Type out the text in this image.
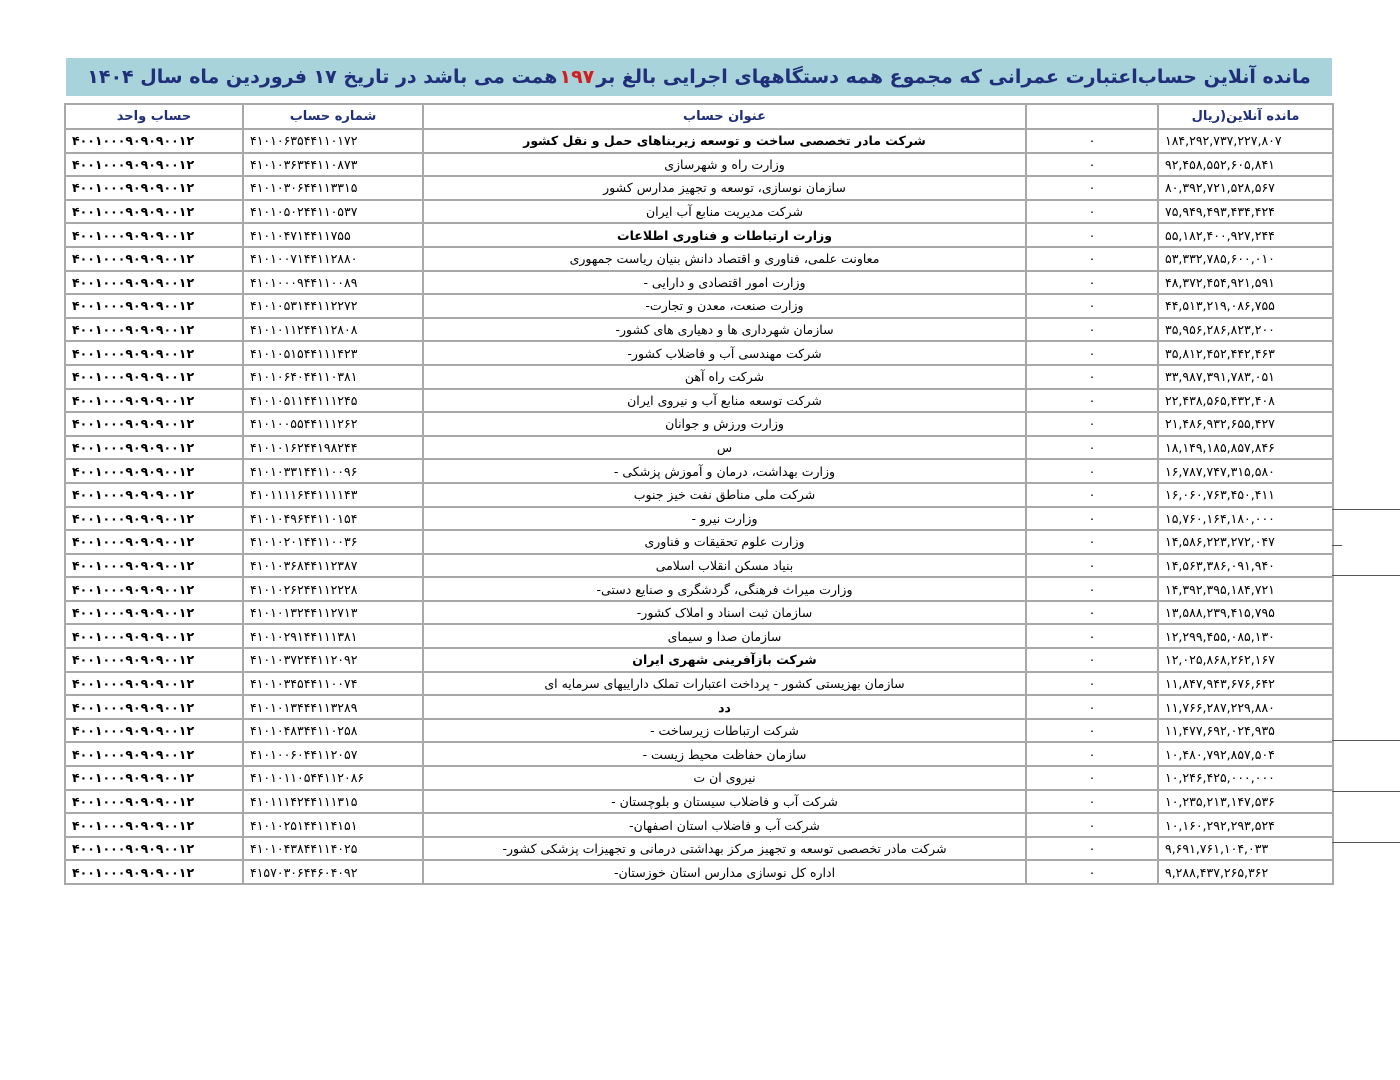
مانده آنلاین حساب‌اعتبارت عمرانی که مجموع همه دستگاههای اجرایی بالغ بر
۱۹۷
همت می باشد در تاریخ ۱۷ فروردین ماه سال ۱۴۰۴
حساب واحد	شماره حساب	عنوان حساب		مانده آنلاین(ریال
۴۰۰۱۰۰۰۹۰۹۰۹۰۰۱۲	۴۱۰۱۰۶۳۵۴۴۱۱۰۱۷۲	شرکت مادر تخصصی ساخت و توسعه زیربناهای حمل و نقل کشور	۰	۱۸۴,۲۹۲,۷۳۷,۲۲۷,۸۰۷
۴۰۰۱۰۰۰۹۰۹۰۹۰۰۱۲	۴۱۰۱۰۳۶۳۴۴۱۱۰۸۷۳	وزارت راه و شهرسازی	۰	۹۲,۴۵۸,۵۵۲,۶۰۵,۸۴۱
۴۰۰۱۰۰۰۹۰۹۰۹۰۰۱۲	۴۱۰۱۰۳۰۶۴۴۱۱۳۳۱۵	سازمان نوسازی، توسعه و تجهیز مدارس کشور	۰	۸۰,۳۹۲,۷۲۱,۵۲۸,۵۶۷
۴۰۰۱۰۰۰۹۰۹۰۹۰۰۱۲	۴۱۰۱۰۵۰۲۴۴۱۱۰۵۳۷	شرکت مدیریت منابع آب ایران	۰	۷۵,۹۴۹,۴۹۳,۴۳۴,۴۲۴
۴۰۰۱۰۰۰۹۰۹۰۹۰۰۱۲	۴۱۰۱۰۴۷۱۴۴۱۱۷۵۵	وزارت ارتباطات و فناوری اطلاعات	۰	۵۵,۱۸۲,۴۰۰,۹۲۷,۲۴۴
۴۰۰۱۰۰۰۹۰۹۰۹۰۰۱۲	۴۱۰۱۰۰۷۱۴۴۱۱۲۸۸۰	معاونت علمی، فناوری و اقتصاد دانش بنیان ریاست جمهوری	۰	۵۳,۳۳۲,۷۸۵,۶۰۰,۰۱۰
۴۰۰۱۰۰۰۹۰۹۰۹۰۰۱۲	۴۱۰۱۰۰۰۹۴۴۱۱۰۰۸۹	وزارت امور اقتصادی و دارایی -	۰	۴۸,۳۷۲,۴۵۴,۹۲۱,۵۹۱
۴۰۰۱۰۰۰۹۰۹۰۹۰۰۱۲	۴۱۰۱۰۵۳۱۴۴۱۱۲۲۷۲	وزارت صنعت، معدن و تجارت-	۰	۴۴,۵۱۳,۲۱۹,۰۸۶,۷۵۵
۴۰۰۱۰۰۰۹۰۹۰۹۰۰۱۲	۴۱۰۱۰۱۱۲۴۴۱۱۲۸۰۸	سازمان شهرداری ها و دهیاری های کشور-	۰	۳۵,۹۵۶,۲۸۶,۸۲۳,۲۰۰
۴۰۰۱۰۰۰۹۰۹۰۹۰۰۱۲	۴۱۰۱۰۵۱۵۴۴۱۱۱۴۲۳	شرکت مهندسی آب و فاضلاب کشور-	۰	۳۵,۸۱۲,۴۵۲,۴۴۲,۴۶۳
۴۰۰۱۰۰۰۹۰۹۰۹۰۰۱۲	۴۱۰۱۰۶۴۰۴۴۱۱۰۳۸۱	شرکت راه آهن	۰	۳۳,۹۸۷,۳۹۱,۷۸۳,۰۵۱
۴۰۰۱۰۰۰۹۰۹۰۹۰۰۱۲	۴۱۰۱۰۵۱۱۴۴۱۱۱۲۴۵	شرکت توسعه منابع آب و نیروی ایران	۰	۲۲,۴۳۸,۵۶۵,۴۳۲,۴۰۸
۴۰۰۱۰۰۰۹۰۹۰۹۰۰۱۲	۴۱۰۱۰۰۵۵۴۴۱۱۱۲۶۲	وزارت ورزش و جوانان	۰	۲۱,۴۸۶,۹۳۲,۶۵۵,۴۲۷
۴۰۰۱۰۰۰۹۰۹۰۹۰۰۱۲	۴۱۰۱۰۱۶۲۴۴۱۹۸۲۴۴	س	۰	۱۸,۱۴۹,۱۸۵,۸۵۷,۸۴۶
۴۰۰۱۰۰۰۹۰۹۰۹۰۰۱۲	۴۱۰۱۰۳۳۱۴۴۱۱۰۰۹۶	وزارت بهداشت، درمان و آموزش پزشکی -	۰	۱۶,۷۸۷,۷۴۷,۳۱۵,۵۸۰
۴۰۰۱۰۰۰۹۰۹۰۹۰۰۱۲	۴۱۰۱۱۱۱۶۴۴۱۱۱۱۴۳	شرکت ملی مناطق نفت خیز جنوب	۰	۱۶,۰۶۰,۷۶۳,۴۵۰,۴۱۱
۴۰۰۱۰۰۰۹۰۹۰۹۰۰۱۲	۴۱۰۱۰۴۹۶۴۴۱۱۰۱۵۴	وزارت نیرو -	۰	۱۵,۷۶۰,۱۶۴,۱۸۰,۰۰۰
۴۰۰۱۰۰۰۹۰۹۰۹۰۰۱۲	۴۱۰۱۰۲۰۱۴۴۱۱۰۰۳۶	وزارت علوم تحقیقات و فناوری	۰	۱۴,۵۸۶,۲۲۳,۲۷۲,۰۴۷
۴۰۰۱۰۰۰۹۰۹۰۹۰۰۱۲	۴۱۰۱۰۳۶۸۴۴۱۱۲۳۸۷	بنیاد مسکن انقلاب اسلامی	۰	۱۴,۵۶۳,۳۸۶,۰۹۱,۹۴۰
۴۰۰۱۰۰۰۹۰۹۰۹۰۰۱۲	۴۱۰۱۰۲۶۲۴۴۱۱۲۲۲۸	وزارت میراث فرهنگی، گردشگری و صنایع دستی-	۰	۱۴,۳۹۲,۳۹۵,۱۸۴,۷۲۱
۴۰۰۱۰۰۰۹۰۹۰۹۰۰۱۲	۴۱۰۱۰۱۳۲۴۴۱۱۲۷۱۳	سازمان ثبت اسناد و املاک کشور-	۰	۱۳,۵۸۸,۲۳۹,۴۱۵,۷۹۵
۴۰۰۱۰۰۰۹۰۹۰۹۰۰۱۲	۴۱۰۱۰۲۹۱۴۴۱۱۱۳۸۱	سازمان صدا و سیمای	۰	۱۲,۲۹۹,۴۵۵,۰۸۵,۱۳۰
۴۰۰۱۰۰۰۹۰۹۰۹۰۰۱۲	۴۱۰۱۰۳۷۲۴۴۱۱۲۰۹۲	شرکت بازآفرینی شهری ایران	۰	۱۲,۰۲۵,۸۶۸,۲۶۲,۱۶۷
۴۰۰۱۰۰۰۹۰۹۰۹۰۰۱۲	۴۱۰۱۰۳۴۵۴۴۱۱۰۰۷۴	سازمان بهزیستی کشور - پرداخت اعتبارات تملک داراییهای سرمایه ای	۰	۱۱,۸۴۷,۹۴۳,۶۷۶,۶۴۲
۴۰۰۱۰۰۰۹۰۹۰۹۰۰۱۲	۴۱۰۱۰۱۳۴۴۴۱۱۳۲۸۹	دد	۰	۱۱,۷۶۶,۲۸۷,۲۲۹,۸۸۰
۴۰۰۱۰۰۰۹۰۹۰۹۰۰۱۲	۴۱۰۱۰۴۸۳۴۴۱۱۰۲۵۸	شرکت ارتباطات زیرساخت -	۰	۱۱,۴۷۷,۶۹۲,۰۲۴,۹۳۵
۴۰۰۱۰۰۰۹۰۹۰۹۰۰۱۲	۴۱۰۱۰۰۶۰۴۴۱۱۲۰۵۷	سازمان حفاظت محیط زیست -	۰	۱۰,۴۸۰,۷۹۲,۸۵۷,۵۰۴
۴۰۰۱۰۰۰۹۰۹۰۹۰۰۱۲	۴۱۰۱۰۱۱۰۵۴۴۱۱۲۰۸۶	نیروی ان ت	۰	۱۰,۲۴۶,۴۲۵,۰۰۰,۰۰۰
۴۰۰۱۰۰۰۹۰۹۰۹۰۰۱۲	۴۱۰۱۱۱۴۲۴۴۱۱۱۳۱۵	شرکت آب و فاضلاب سیستان و بلوچستان -	۰	۱۰,۲۳۵,۲۱۳,۱۴۷,۵۳۶
۴۰۰۱۰۰۰۹۰۹۰۹۰۰۱۲	۴۱۰۱۰۲۵۱۴۴۱۱۴۱۵۱	شرکت آب و فاضلاب استان اصفهان-	۰	۱۰,۱۶۰,۲۹۲,۲۹۳,۵۲۴
۴۰۰۱۰۰۰۹۰۹۰۹۰۰۱۲	۴۱۰۱۰۴۳۸۴۴۱۱۴۰۲۵	شرکت مادر تخصصی توسعه و تجهیز مرکز بهداشتی درمانی و تجهیزات پزشکی کشور-	۰	۹,۶۹۱,۷۶۱,۱۰۴,۰۳۳
۴۰۰۱۰۰۰۹۰۹۰۹۰۰۱۲	۴۱۵۷۰۳۰۶۴۴۶۰۴۰۹۲	اداره کل نوسازی مدارس استان خوزستان-	۰	۹,۲۸۸,۴۳۷,۲۶۵,۳۶۲
